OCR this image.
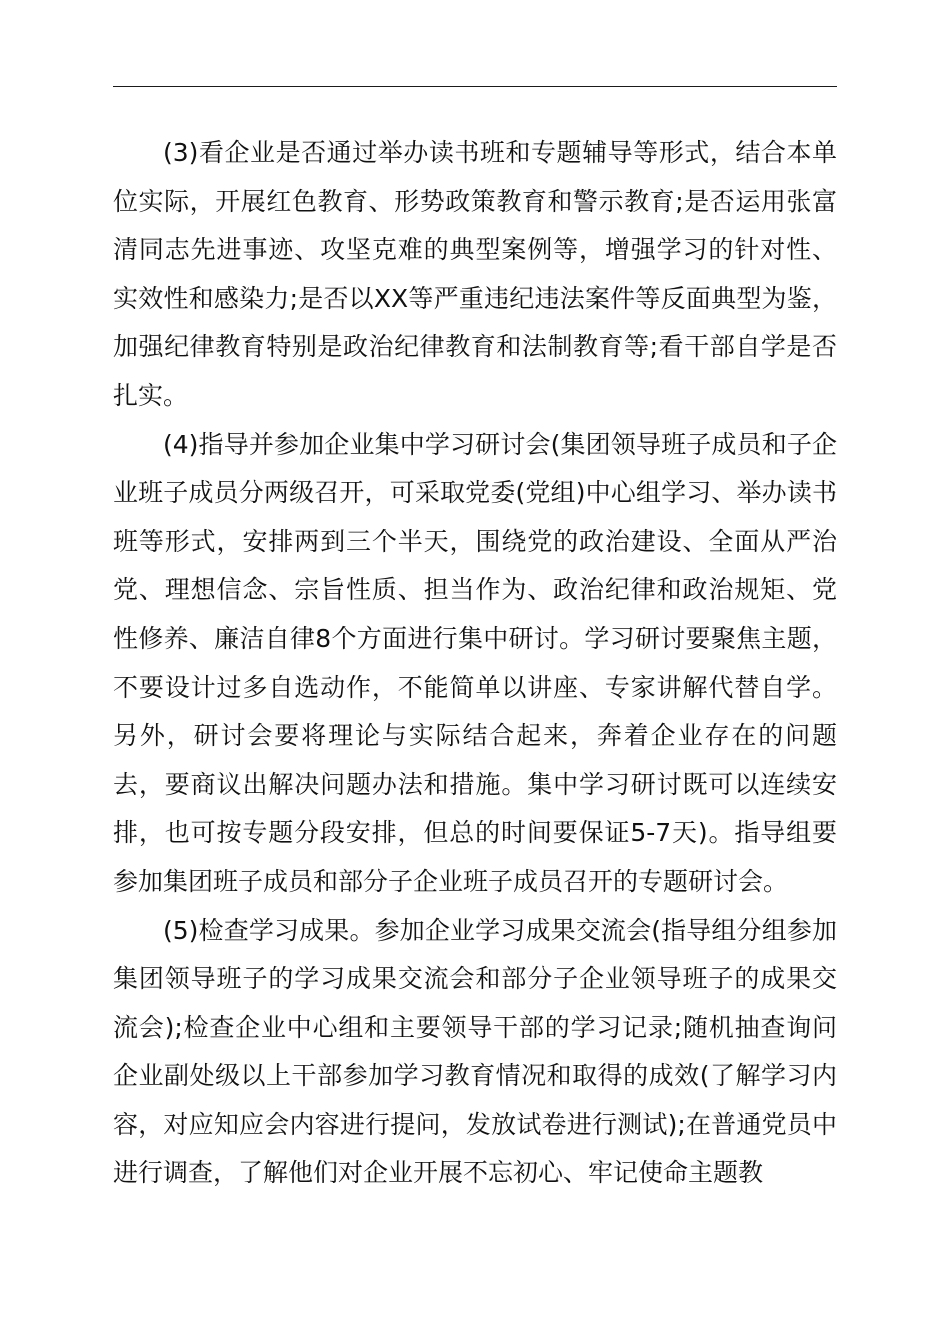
(3)看企业是否通过举办读书班和专题辅导等形式，结合本单位实际，开展红色教育、形势政策教育和警示教育;是否运用张富清同志先进事迹、攻坚克难的典型案例等，增强学习的针对性、实效性和感染力;是否以XX等严重违纪违法案件等反面典型为鉴，加强纪律教育特别是政治纪律教育和法制教育等;看干部自学是否扎实。

(4)指导并参加企业集中学习研讨会(集团领导班子成员和子企业班子成员分两级召开，可采取党委(党组)中心组学习、举办读书班等形式，安排两到三个半天，围绕党的政治建设、全面从严治党、理想信念、宗旨性质、担当作为、政治纪律和政治规矩、党性修养、廉洁自律8个方面进行集中研讨。学习研讨要聚焦主题，不要设计过多自选动作，不能简单以讲座、专家讲解代替自学。另外，研讨会要将理论与实际结合起来，奔着企业存在的问题去，要商议出解决问题办法和措施。集中学习研讨既可以连续安排，也可按专题分段安排，但总的时间要保证5-7天)。指导组要参加集团班子成员和部分子企业班子成员召开的专题研讨会。

(5)检查学习成果。参加企业学习成果交流会(指导组分组参加集团领导班子的学习成果交流会和部分子企业领导班子的成果交流会);检查企业中心组和主要领导干部的学习记录;随机抽查询问企业副处级以上干部参加学习教育情况和取得的成效(了解学习内容，对应知应会内容进行提问，发放试卷进行测试);在普通党员中进行调查，了解他们对企业开展不忘初心、牢记使命主题教
